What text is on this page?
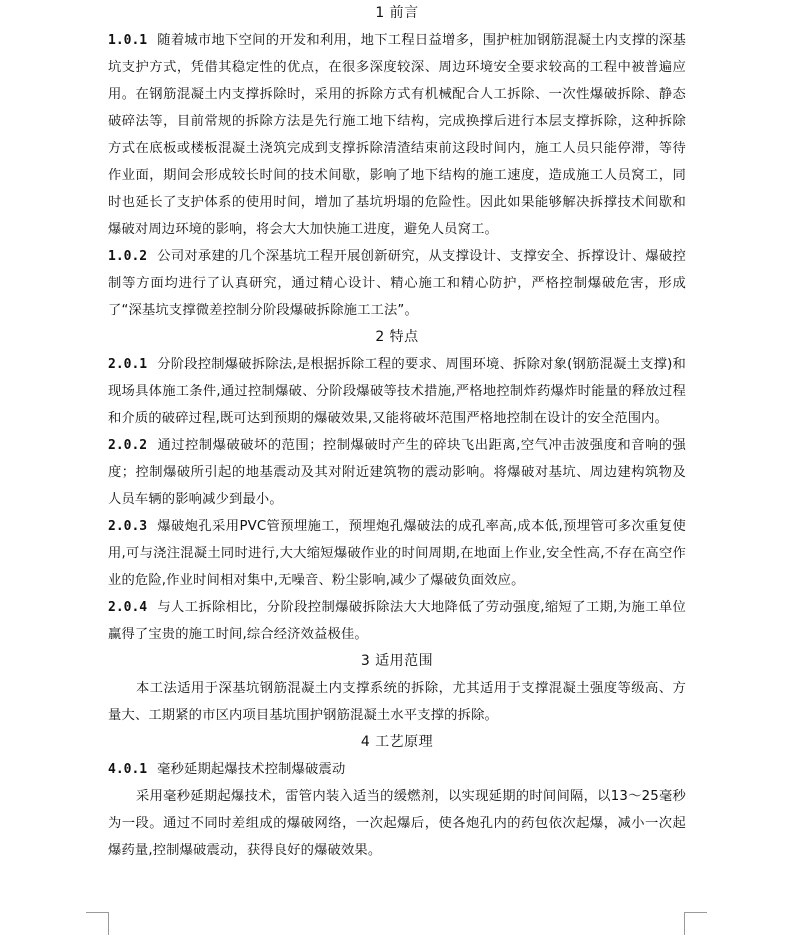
1 前言

1.0.1 随着城市地下空间的开发和利用，地下工程日益增多，围护桩加钢筋混凝土内支撑的深基坑支护方式，凭借其稳定性的优点，在很多深度较深、周边环境安全要求较高的工程中被普遍应用。在钢筋混凝土内支撑拆除时，采用的拆除方式有机械配合人工拆除、一次性爆破拆除、静态破碎法等，目前常规的拆除方法是先行施工地下结构，完成换撑后进行本层支撑拆除，这种拆除方式在底板或楼板混凝土浇筑完成到支撑拆除清渣结束前这段时间内，施工人员只能停滞，等待作业面，期间会形成较长时间的技术间歇，影响了地下结构的施工速度，造成施工人员窝工，同时也延长了支护体系的使用时间，增加了基坑坍塌的危险性。因此如果能够解决拆撑技术间歇和爆破对周边环境的影响，将会大大加快施工进度，避免人员窝工。

1.0.2 公司对承建的几个深基坑工程开展创新研究，从支撑设计、支撑安全、拆撑设计、爆破控制等方面均进行了认真研究，通过精心设计、精心施工和精心防护，严格控制爆破危害，形成了“深基坑支撑微差控制分阶段爆破拆除施工工法”。

2 特点

2.0.1 分阶段控制爆破拆除法,是根据拆除工程的要求、周围环境、拆除对象(钢筋混凝土支撑)和现场具体施工条件,通过控制爆破、分阶段爆破等技术措施,严格地控制炸药爆炸时能量的释放过程和介质的破碎过程,既可达到预期的爆破效果,又能将破坏范围严格地控制在设计的安全范围内。

2.0.2 通过控制爆破破坏的范围；控制爆破时产生的碎块飞出距离,空气冲击波强度和音响的强度；控制爆破所引起的地基震动及其对附近建筑物的震动影响。将爆破对基坑、周边建构筑物及人员车辆的影响减少到最小。

2.0.3 爆破炮孔采用PVC管预埋施工，预埋炮孔爆破法的成孔率高,成本低,预埋管可多次重复使用,可与浇注混凝土同时进行,大大缩短爆破作业的时间周期,在地面上作业,安全性高,不存在高空作业的危险,作业时间相对集中,无噪音、粉尘影响,减少了爆破负面效应。

2.0.4 与人工拆除相比，分阶段控制爆破拆除法大大地降低了劳动强度,缩短了工期,为施工单位赢得了宝贵的施工时间,综合经济效益极佳。

3 适用范围

本工法适用于深基坑钢筋混凝土内支撑系统的拆除，尤其适用于支撑混凝土强度等级高、方量大、工期紧的市区内项目基坑围护钢筋混凝土水平支撑的拆除。

4 工艺原理

4.0.1 毫秒延期起爆技术控制爆破震动

采用毫秒延期起爆技术，雷管内装入适当的缓燃剂，以实现延期的时间间隔，以13～25毫秒为一段。通过不同时差组成的爆破网络，一次起爆后，使各炮孔内的药包依次起爆，减小一次起爆药量,控制爆破震动，获得良好的爆破效果。
